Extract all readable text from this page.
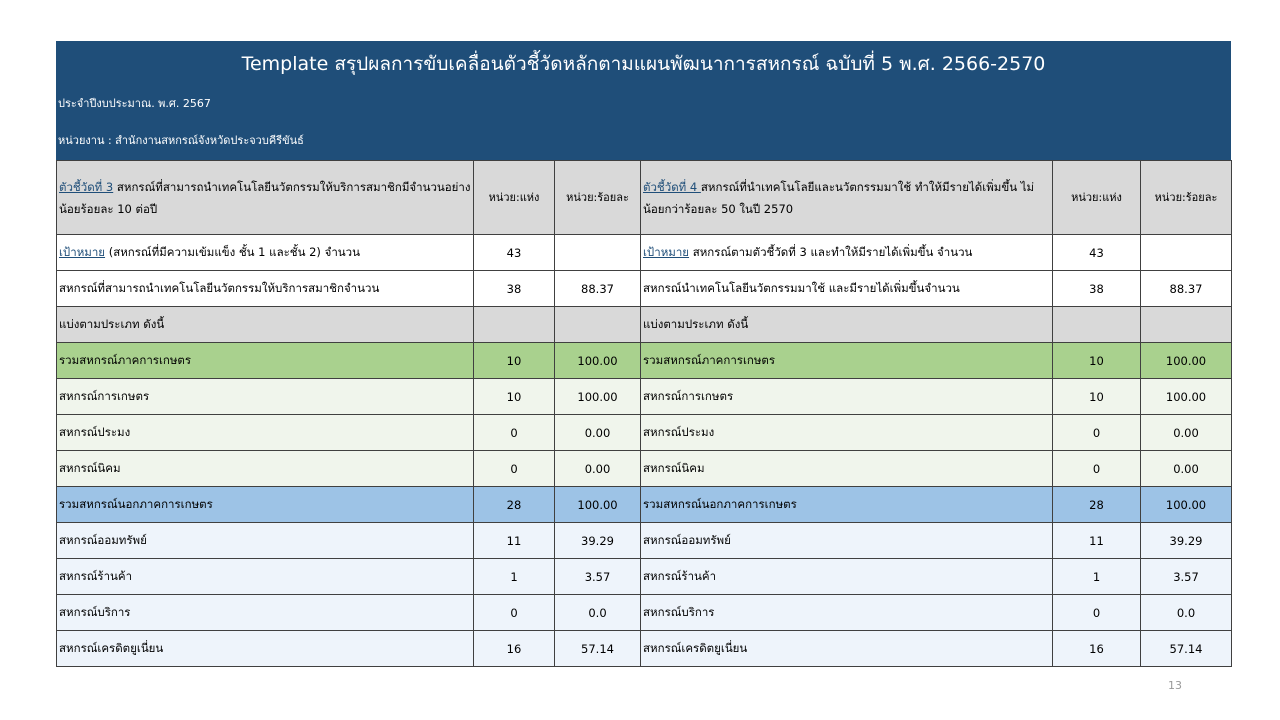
Template สรุปผลการขับเคลื่อนตัวชี้วัดหลักตามแผนพัฒนาการสหกรณ์ ฉบับที่ 5 พ.ศ. 2566-2570
ประจำปีงบประมาณ. พ.ศ. 2567
หน่วยงาน : สำนักงานสหกรณ์จังหวัดประจวบคีรีขันธ์
ตัวชี้วัดที่ 3 สหกรณ์ที่สามารถนำเทคโนโลยีนวัตกรรมให้บริการสมาชิกมีจำนวนอย่างน้อยร้อยละ 10 ต่อปี	หน่วย:แห่ง	หน่วย:ร้อยละ	ตัวชี้วัดที่ 4 สหกรณ์ที่นำเทคโนโลยีและนวัตกรรมมาใช้ ทำให้มีรายได้เพิ่มขึ้น ไม่น้อยกว่าร้อยละ 50 ในปี 2570	หน่วย:แห่ง	หน่วย:ร้อยละ
เป้าหมาย (สหกรณ์ที่มีความเข้มแข็ง ชั้น 1 และชั้น 2) จำนวน	43		เป้าหมาย สหกรณ์ตามตัวชี้วัดที่ 3 และทำให้มีรายได้เพิ่มขึ้น จำนวน	43	
สหกรณ์ที่สามารถนำเทคโนโลยีนวัตกรรมให้บริการสมาชิกจำนวน	38	88.37	สหกรณ์นำเทคโนโลยีนวัตกรรมมาใช้ และมีรายได้เพิ่มขึ้นจำนวน	38	88.37
แบ่งตามประเภท ดังนี้			แบ่งตามประเภท ดังนี้		
รวมสหกรณ์ภาคการเกษตร	10	100.00	รวมสหกรณ์ภาคการเกษตร	10	100.00
สหกรณ์การเกษตร	10	100.00	สหกรณ์การเกษตร	10	100.00
สหกรณ์ประมง	0	0.00	สหกรณ์ประมง	0	0.00
สหกรณ์นิคม	0	0.00	สหกรณ์นิคม	0	0.00
รวมสหกรณ์นอกภาคการเกษตร	28	100.00	รวมสหกรณ์นอกภาคการเกษตร	28	100.00
สหกรณ์ออมทรัพย์	11	39.29	สหกรณ์ออมทรัพย์	11	39.29
สหกรณ์ร้านค้า	1	3.57	สหกรณ์ร้านค้า	1	3.57
สหกรณ์บริการ	0	0.0	สหกรณ์บริการ	0	0.0
สหกรณ์เครดิตยูเนี่ยน	16	57.14	สหกรณ์เครดิตยูเนี่ยน	16	57.14
13
